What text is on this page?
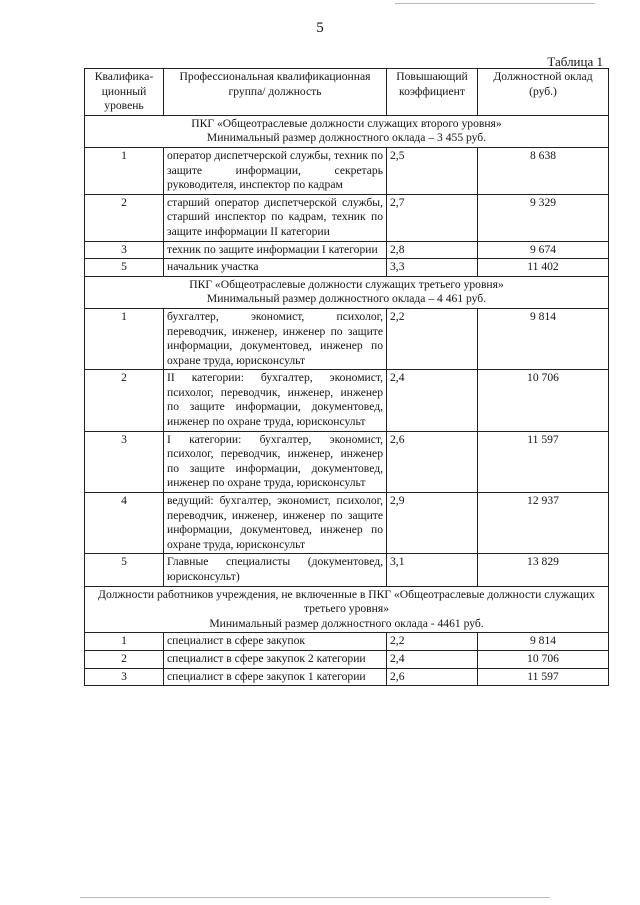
5
Таблица 1
Квалифика-ционный уровень	Профессиональная квалификационная группа/ должность	Повышающий коэффициент	Должностной оклад (руб.)

ПКГ «Общеотраслевые должности служащих второго уровня»
Минимальный размер должностного оклада – 3 455 руб.			

1	оператор диспетчерской службы, техник по защите информации, секретарь руководителя, инспектор по кадрам	2,5	8 638
2	старший оператор диспетчерской службы, старший инспектор по кадрам, техник по защите информации II категории	2,7	9 329
3	техник по защите информации I категории	2,8	9 674
5	начальник участка	3,3	11 402

ПКГ «Общеотраслевые должности служащих третьего уровня»
Минимальный размер должностного оклада – 4 461 руб.			

1	бухгалтер, экономист, психолог, переводчик, инженер, инженер по защите информации, документовед, инженер по охране труда, юрисконсульт	2,2	9 814
2	II категории: бухгалтер, экономист, психолог, переводчик, инженер, инженер по защите информации, документовед, инженер по охране труда, юрисконсульт	2,4	10 706
3	I категории: бухгалтер, экономист, психолог, переводчик, инженер, инженер по защите информации, документовед, инженер по охране труда, юрисконсульт	2,6	11 597
4	ведущий: бухгалтер, экономист, психолог, переводчик, инженер, инженер по защите информации, документовед, инженер по охране труда, юрисконсульт	2,9	12 937
5	Главные специалисты (документовед, юрисконсульт)	3,1	13 829

Должности работников учреждения, не включенные в ПКГ «Общеотраслевые должности служащих третьего уровня»
Минимальный размер должностного оклада - 4461 руб.			

1	специалист в сфере закупок	2,2	9 814
2	специалист в сфере закупок 2 категории	2,4	10 706
3	специалист в сфере закупок 1 категории	2,6	11 597
